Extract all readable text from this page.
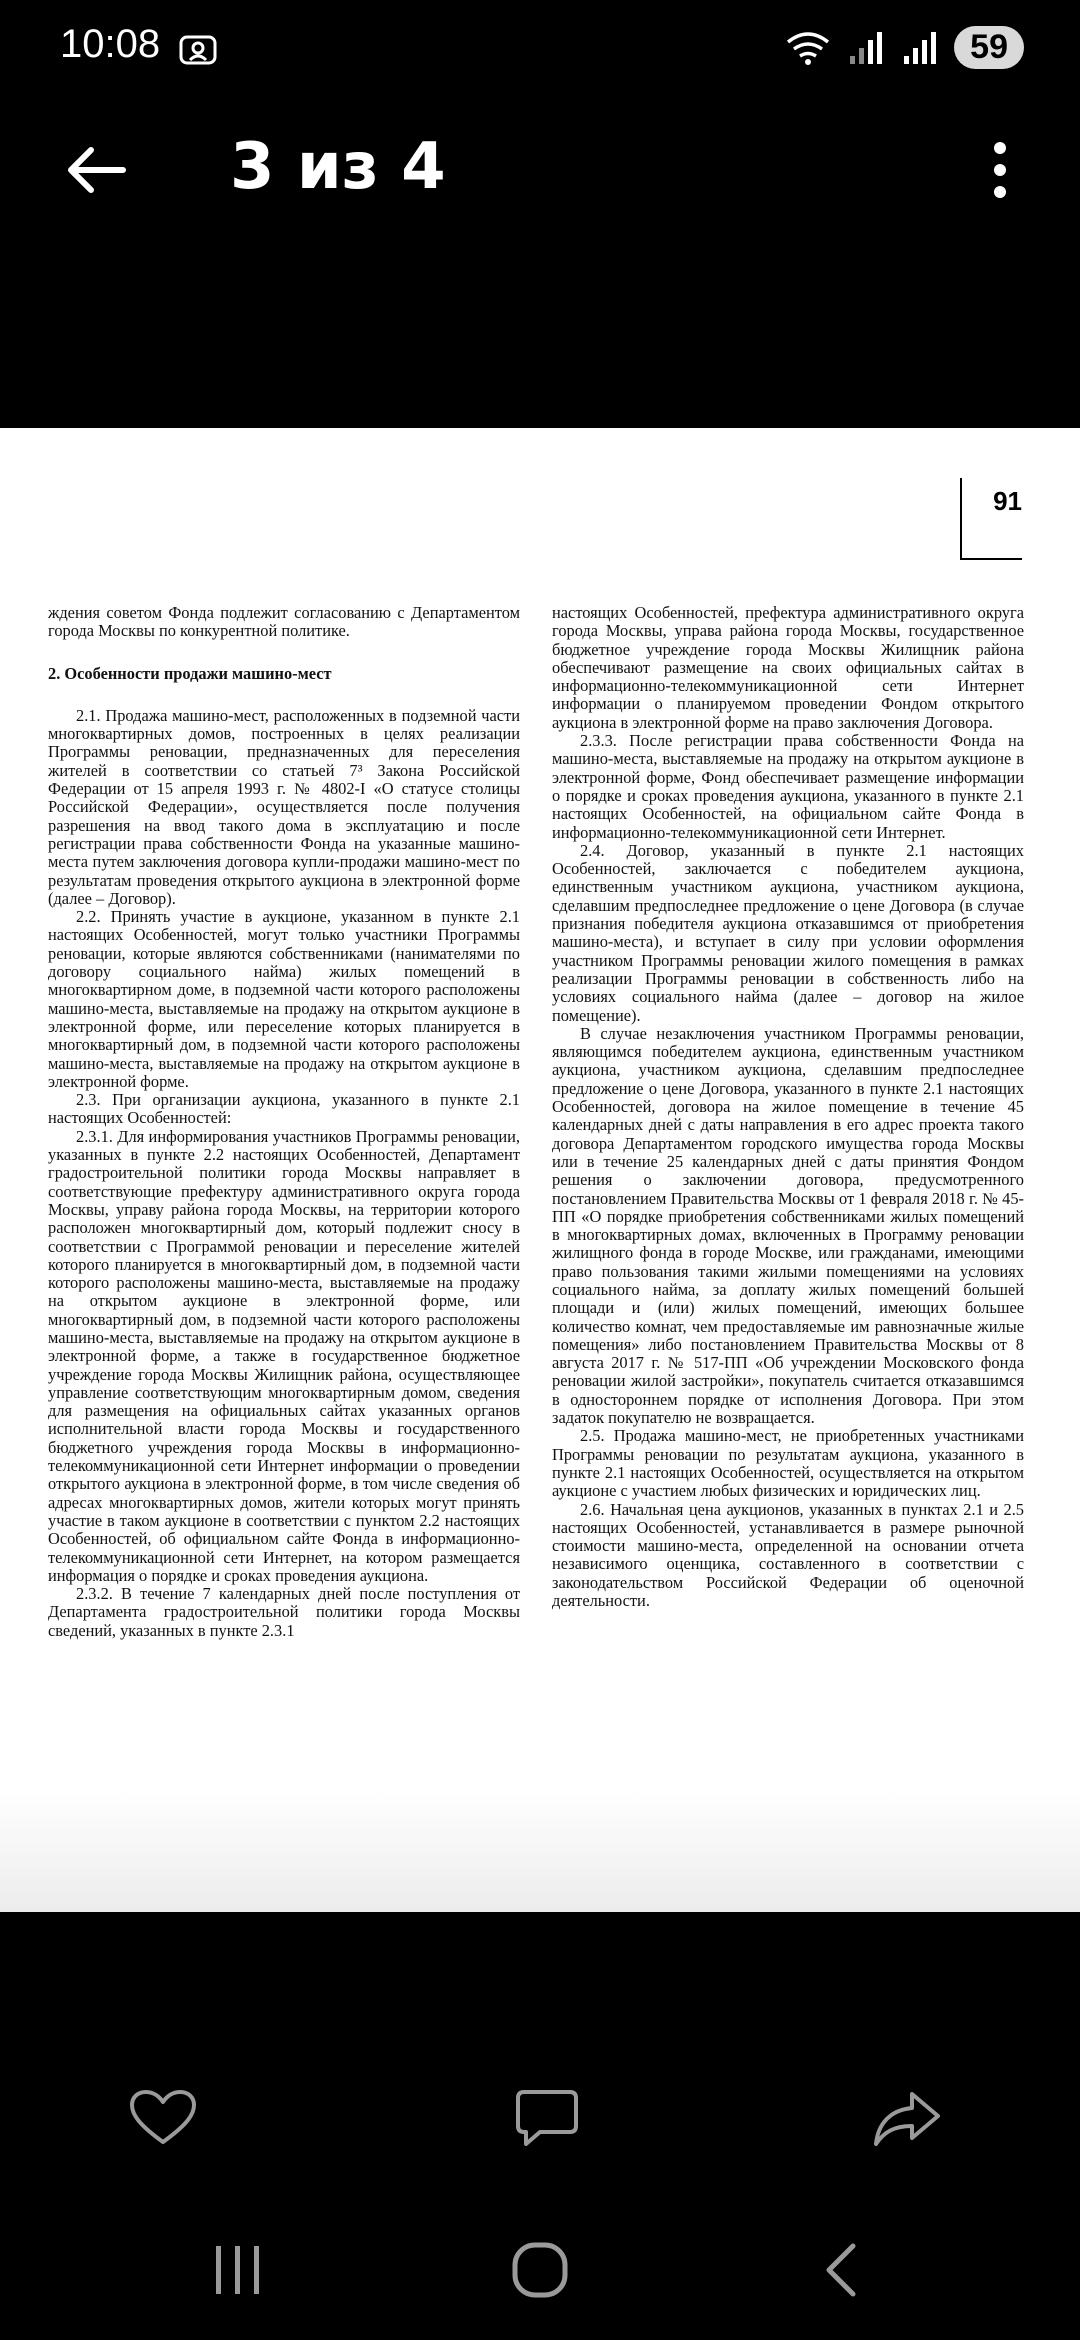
10:08	59
3 из 4
91

ждения советом Фонда подлежит согласованию с Департаментом города Москвы по конкурентной политике.

2. Особенности продажи машино-мест

2.1. Продажа машино-мест, расположенных в подземной части многоквартирных домов, построенных в целях реализации Программы реновации, предназначенных для переселения жителей в соответствии со статьей 7³ Закона Российской Федерации от 15 апреля 1993 г. № 4802-I «О статусе столицы Российской Федерации», осуществляется после получения разрешения на ввод такого дома в эксплуатацию и после регистрации права собственности Фонда на указанные машино-места путем заключения договора купли-продажи машино-мест по результатам проведения открытого аукциона в электронной форме (далее – Договор).

2.2. Принять участие в аукционе, указанном в пункте 2.1 настоящих Особенностей, могут только участники Программы реновации, которые являются собственниками (нанимателями по договору социального найма) жилых помещений в многоквартирном доме, в подземной части которого расположены машино-места, выставляемые на продажу на открытом аукционе в электронной форме, или переселение которых планируется в многоквартирный дом, в подземной части которого расположены машино-места, выставляемые на продажу на открытом аукционе в электронной форме.

2.3. При организации аукциона, указанного в пункте 2.1 настоящих Особенностей:

2.3.1. Для информирования участников Программы реновации, указанных в пункте 2.2 настоящих Особенностей, Департамент градостроительной политики города Москвы направляет в соответствующие префектуру административного округа города Москвы, управу района города Москвы, на территории которого расположен многоквартирный дом, который подлежит сносу в соответствии с Программой реновации и переселение жителей которого планируется в многоквартирный дом, в подземной части которого расположены машино-места, выставляемые на продажу на открытом аукционе в электронной форме, или многоквартирный дом, в подземной части которого расположены машино-места, выставляемые на продажу на открытом аукционе в электронной форме, а также в государственное бюджетное учреждение города Москвы Жилищник района, осуществляющее управление соответствующим многоквартирным домом, сведения для размещения на официальных сайтах указанных органов исполнительной власти города Москвы и государственного бюджетного учреждения города Москвы в информационно-телекоммуникационной сети Интернет информации о проведении открытого аукциона в электронной форме, в том числе сведения об адресах многоквартирных домов, жители которых могут принять участие в таком аукционе в соответствии с пунктом 2.2 настоящих Особенностей, об официальном сайте Фонда в информационно-телекоммуникационной сети Интернет, на котором размещается информация о порядке и сроках проведения аукциона.

2.3.2. В течение 7 календарных дней после поступления от Департамента градостроительной политики города Москвы сведений, указанных в пункте 2.3.1

настоящих Особенностей, префектура административного округа города Москвы, управа района города Москвы, государственное бюджетное учреждение города Москвы Жилищник района обеспечивают размещение на своих официальных сайтах в информационно-телекоммуникационной сети Интернет информации о планируемом проведении Фондом открытого аукциона в электронной форме на право заключения Договора.

2.3.3. После регистрации права собственности Фонда на машино-места, выставляемые на продажу на открытом аукционе в электронной форме, Фонд обеспечивает размещение информации о порядке и сроках проведения аукциона, указанного в пункте 2.1 настоящих Особенностей, на официальном сайте Фонда в информационно-телекоммуникационной сети Интернет.

2.4. Договор, указанный в пункте 2.1 настоящих Особенностей, заключается с победителем аукциона, единственным участником аукциона, участником аукциона, сделавшим предпоследнее предложение о цене Договора (в случае признания победителя аукциона отказавшимся от приобретения машино-места), и вступает в силу при условии оформления участником Программы реновации жилого помещения в рамках реализации Программы реновации в собственность либо на условиях социального найма (далее – договор на жилое помещение).

В случае незаключения участником Программы реновации, являющимся победителем аукциона, единственным участником аукциона, участником аукциона, сделавшим предпоследнее предложение о цене Договора, указанного в пункте 2.1 настоящих Особенностей, договора на жилое помещение в течение 45 календарных дней с даты направления в его адрес проекта такого договора Департаментом городского имущества города Москвы или в течение 25 календарных дней с даты принятия Фондом решения о заключении договора, предусмотренного постановлением Правительства Москвы от 1 февраля 2018 г. № 45-ПП «О порядке приобретения собственниками жилых помещений в многоквартирных домах, включенных в Программу реновации жилищного фонда в городе Москве, или гражданами, имеющими право пользования такими жилыми помещениями на условиях социального найма, за доплату жилых помещений большей площади и (или) жилых помещений, имеющих большее количество комнат, чем предоставляемые им равнозначные жилые помещения» либо постановлением Правительства Москвы от 8 августа 2017 г. № 517-ПП «Об учреждении Московского фонда реновации жилой застройки», покупатель считается отказавшимся в одностороннем порядке от исполнения Договора. При этом задаток покупателю не возвращается.

2.5. Продажа машино-мест, не приобретенных участниками Программы реновации по результатам аукциона, указанного в пункте 2.1 настоящих Особенностей, осуществляется на открытом аукционе с участием любых физических и юридических лиц.

2.6. Начальная цена аукционов, указанных в пунктах 2.1 и 2.5 настоящих Особенностей, устанавливается в размере рыночной стоимости машино-места, определенной на основании отчета независимого оценщика, составленного в соответствии с законодательством Российской Федерации об оценочной деятельности.
